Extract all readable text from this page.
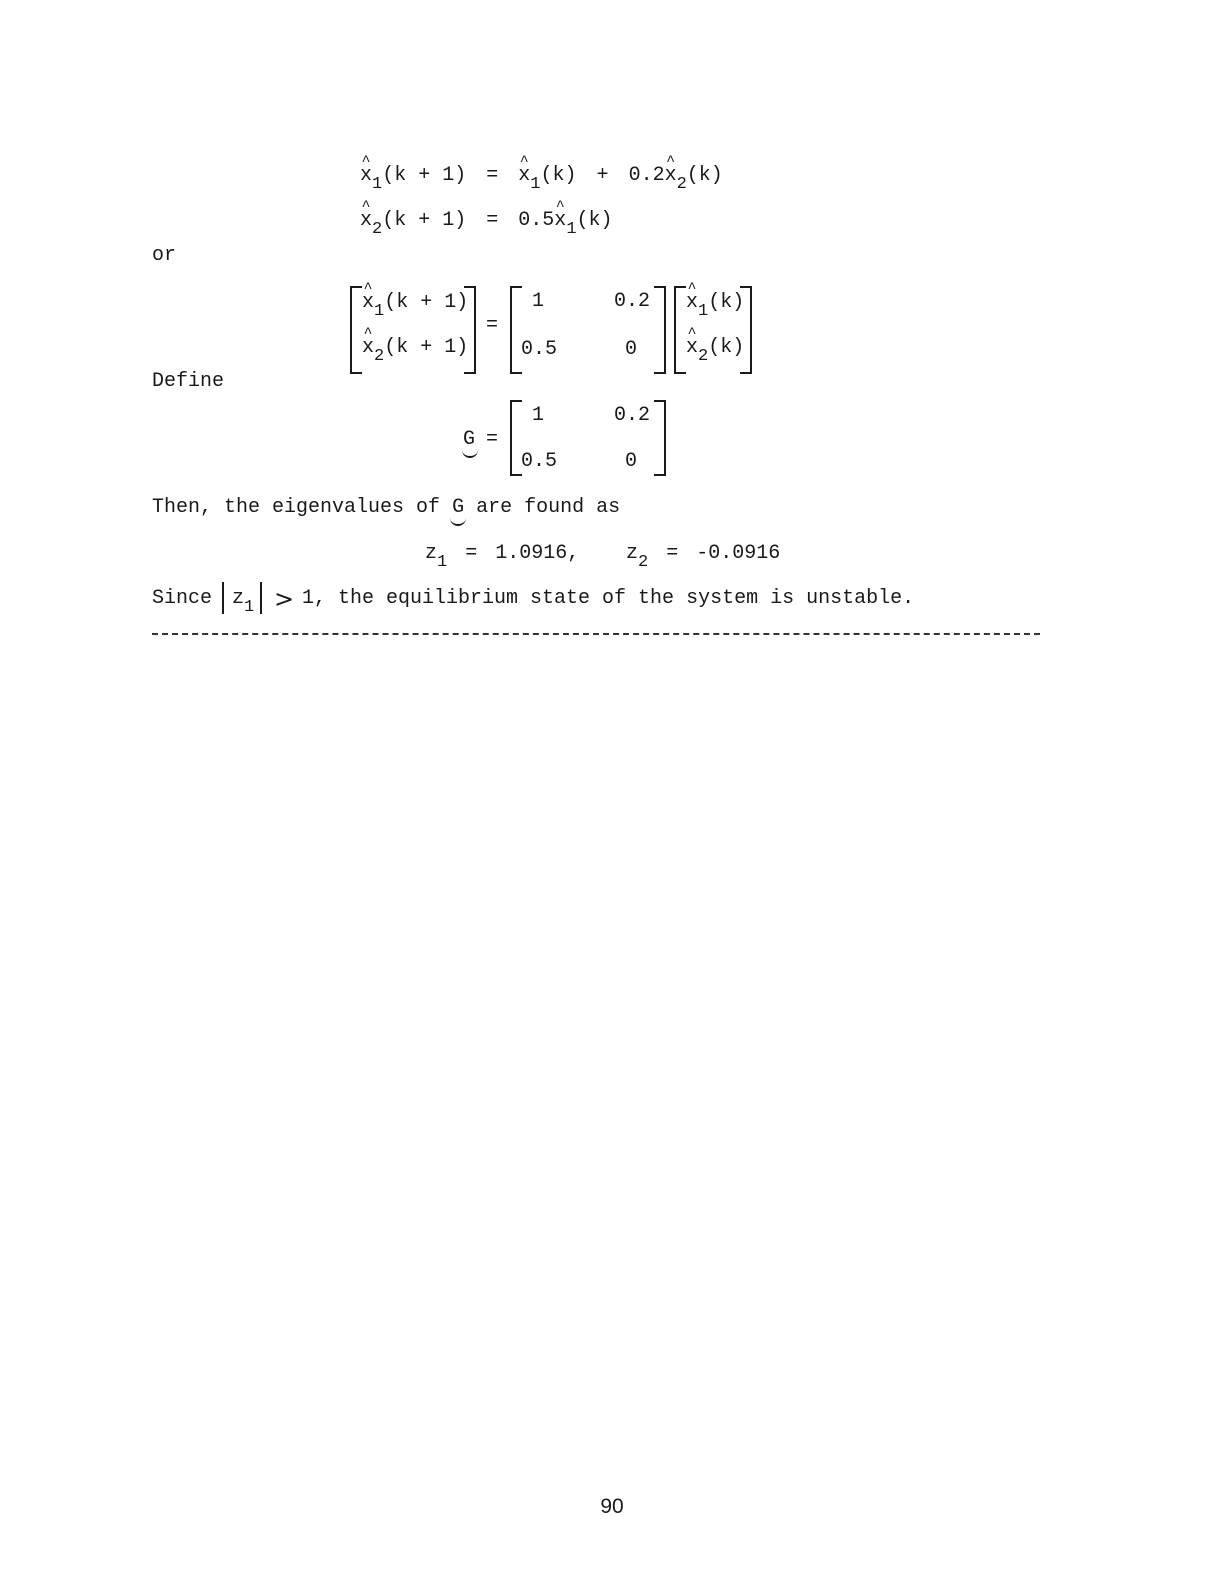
^ $x_1(k + 1)$ = ^ $x_1(k)$ + 0.2^ $x_2(k)$
^ $x_2(k + 1)$ = 0.5^ $x_1(k)$
or
^ $x_1(k + 1)$
^ $x_2(k + 1)$
=
1	0.2
0.5	0
^ $x_1(k)$
^ $x_2(k)$
Define
G =
1	0.2
0.5	0
Then, the eigenvalues of G are found as
$z_1 = 1.0916$, $z_2 = -0.0916$
Since $z_1 > 1$, the equilibrium state of the system is unstable.
90
